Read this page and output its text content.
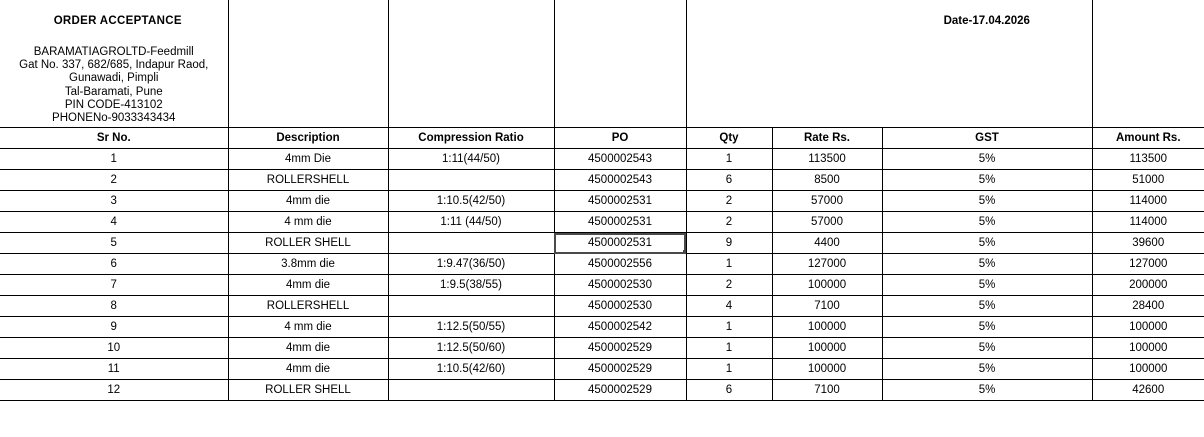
ORDER ACCEPTANCE						Date-17.04.2026	

BARAMATIAGROLTD-Feedmill
Gat No. 337, 682/685, Indapur Raod,
Gunawadi, Pimpli
Tal-Baramati, Pune
PIN CODE-413102
PHONENo-9033343434

Sr No.	Description	Compression Ratio	PO	Qty	Rate Rs.	GST	Amount Rs.
1	4mm Die	1:11(44/50)	4500002543	1	113500	5%	113500
2	ROLLERSHELL		4500002543	6	8500	5%	51000
3	4mm die	1:10.5(42/50)	4500002531	2	57000	5%	114000
4	4 mm die	1:11 (44/50)	4500002531	2	57000	5%	114000
5	ROLLER SHELL		4500002531	9	4400	5%	39600
6	3.8mm die	1:9.47(36/50)	4500002556	1	127000	5%	127000
7	4mm die	1:9.5(38/55)	4500002530	2	100000	5%	200000
8	ROLLERSHELL		4500002530	4	7100	5%	28400
9	4 mm die	1:12.5(50/55)	4500002542	1	100000	5%	100000
10	4mm die	1:12.5(50/60)	4500002529	1	100000	5%	100000
11	4mm die	1:10.5(42/60)	4500002529	1	100000	5%	100000
12	ROLLER SHELL		4500002529	6	7100	5%	42600
